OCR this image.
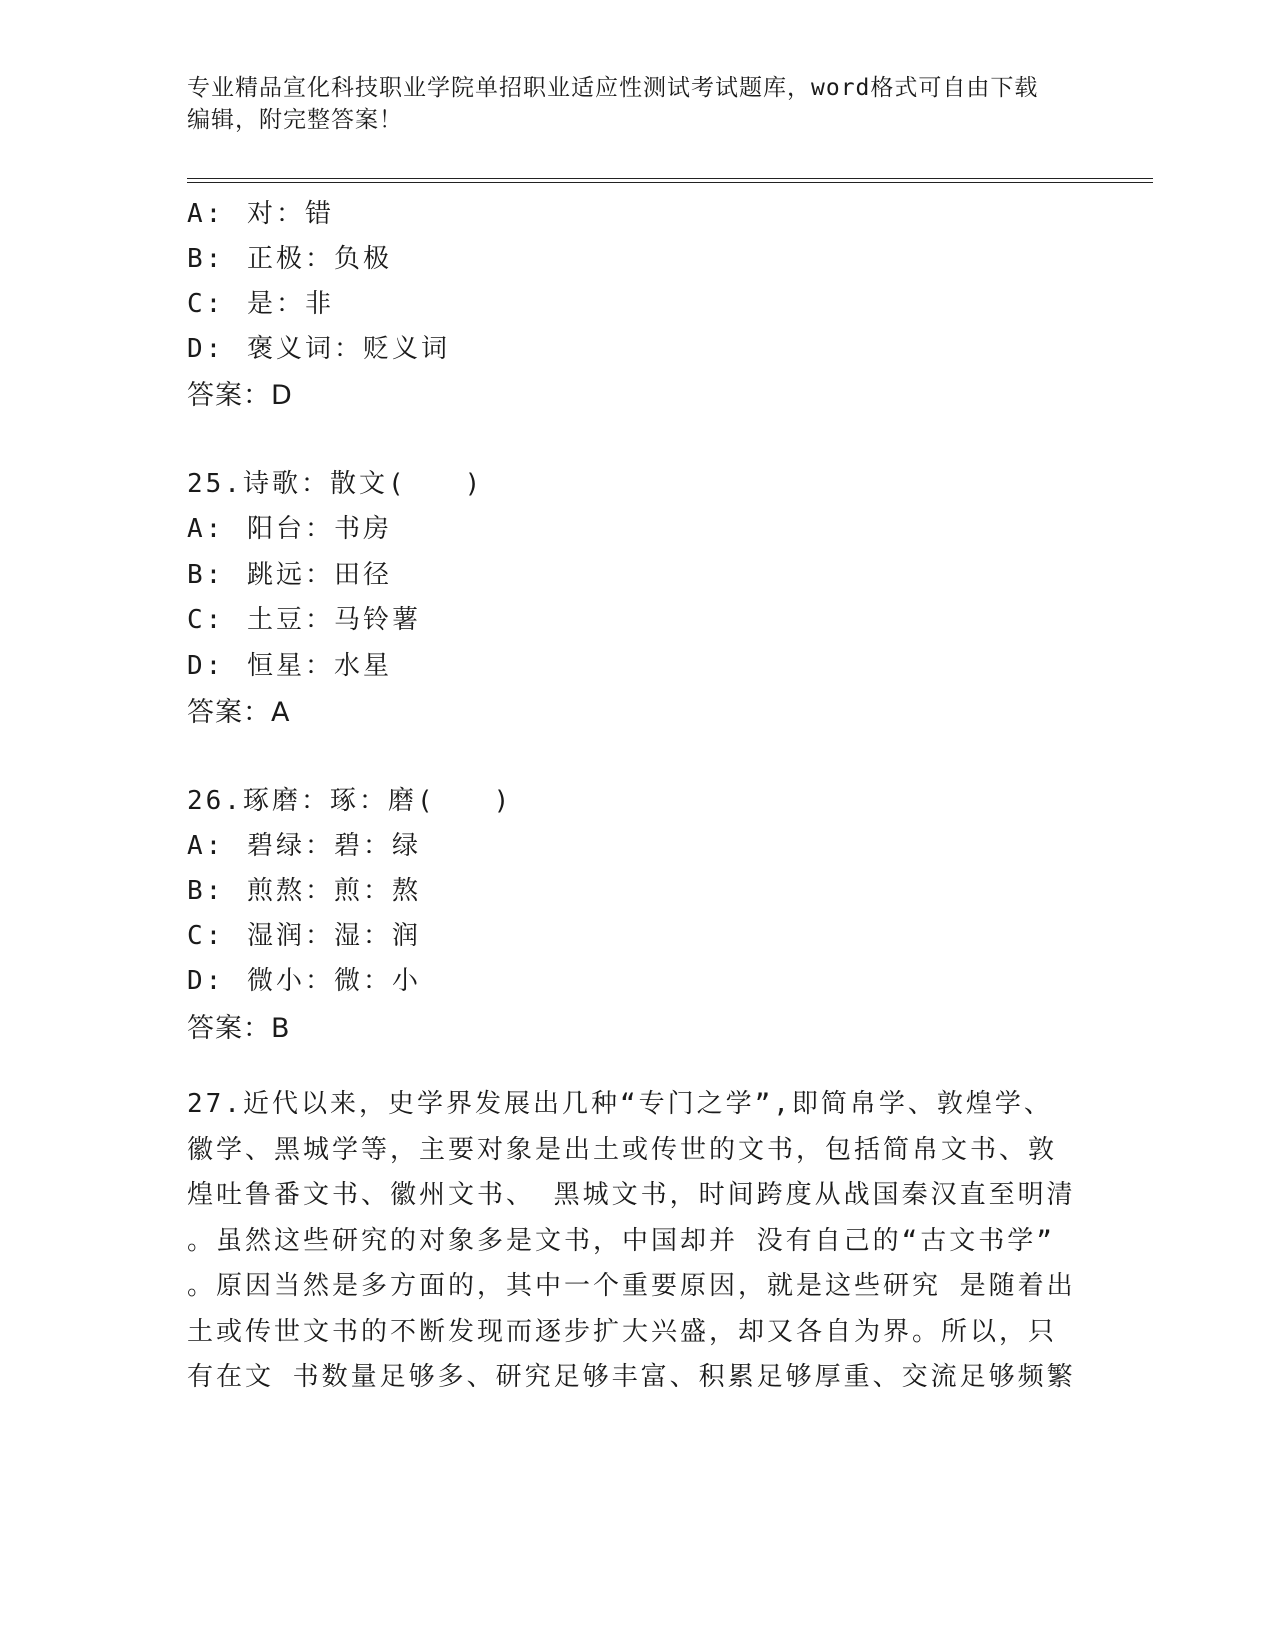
专业精品宣化科技职业学院单招职业适应性测试考试题库，word格式可自由下载
编辑，附完整答案！
A: 对：错
B: 正极：负极
C: 是：非
D: 褒义词：贬义词
答案：D
25.诗歌：散文(　　)
A: 阳台：书房
B: 跳远：田径
C: 土豆：马铃薯
D: 恒星：水星
答案：A
26.琢磨：琢：磨(　　)
A: 碧绿：碧：绿
B: 煎熬：煎：熬
C: 湿润：湿：润
D: 微小：微：小
答案：B
27.近代以来，史学界发展出几种“专门之学”,即简帛学、敦煌学、
徽学、黑城学等，主要对象是出土或传世的文书，包括简帛文书、敦
煌吐鲁番文书、徽州文书、 黑城文书，时间跨度从战国秦汉直至明清
。虽然这些研究的对象多是文书，中国却并 没有自己的“古文书学”
。原因当然是多方面的，其中一个重要原因，就是这些研究 是随着出
土或传世文书的不断发现而逐步扩大兴盛，却又各自为界。所以，只
有在文 书数量足够多、研究足够丰富、积累足够厚重、交流足够频繁
